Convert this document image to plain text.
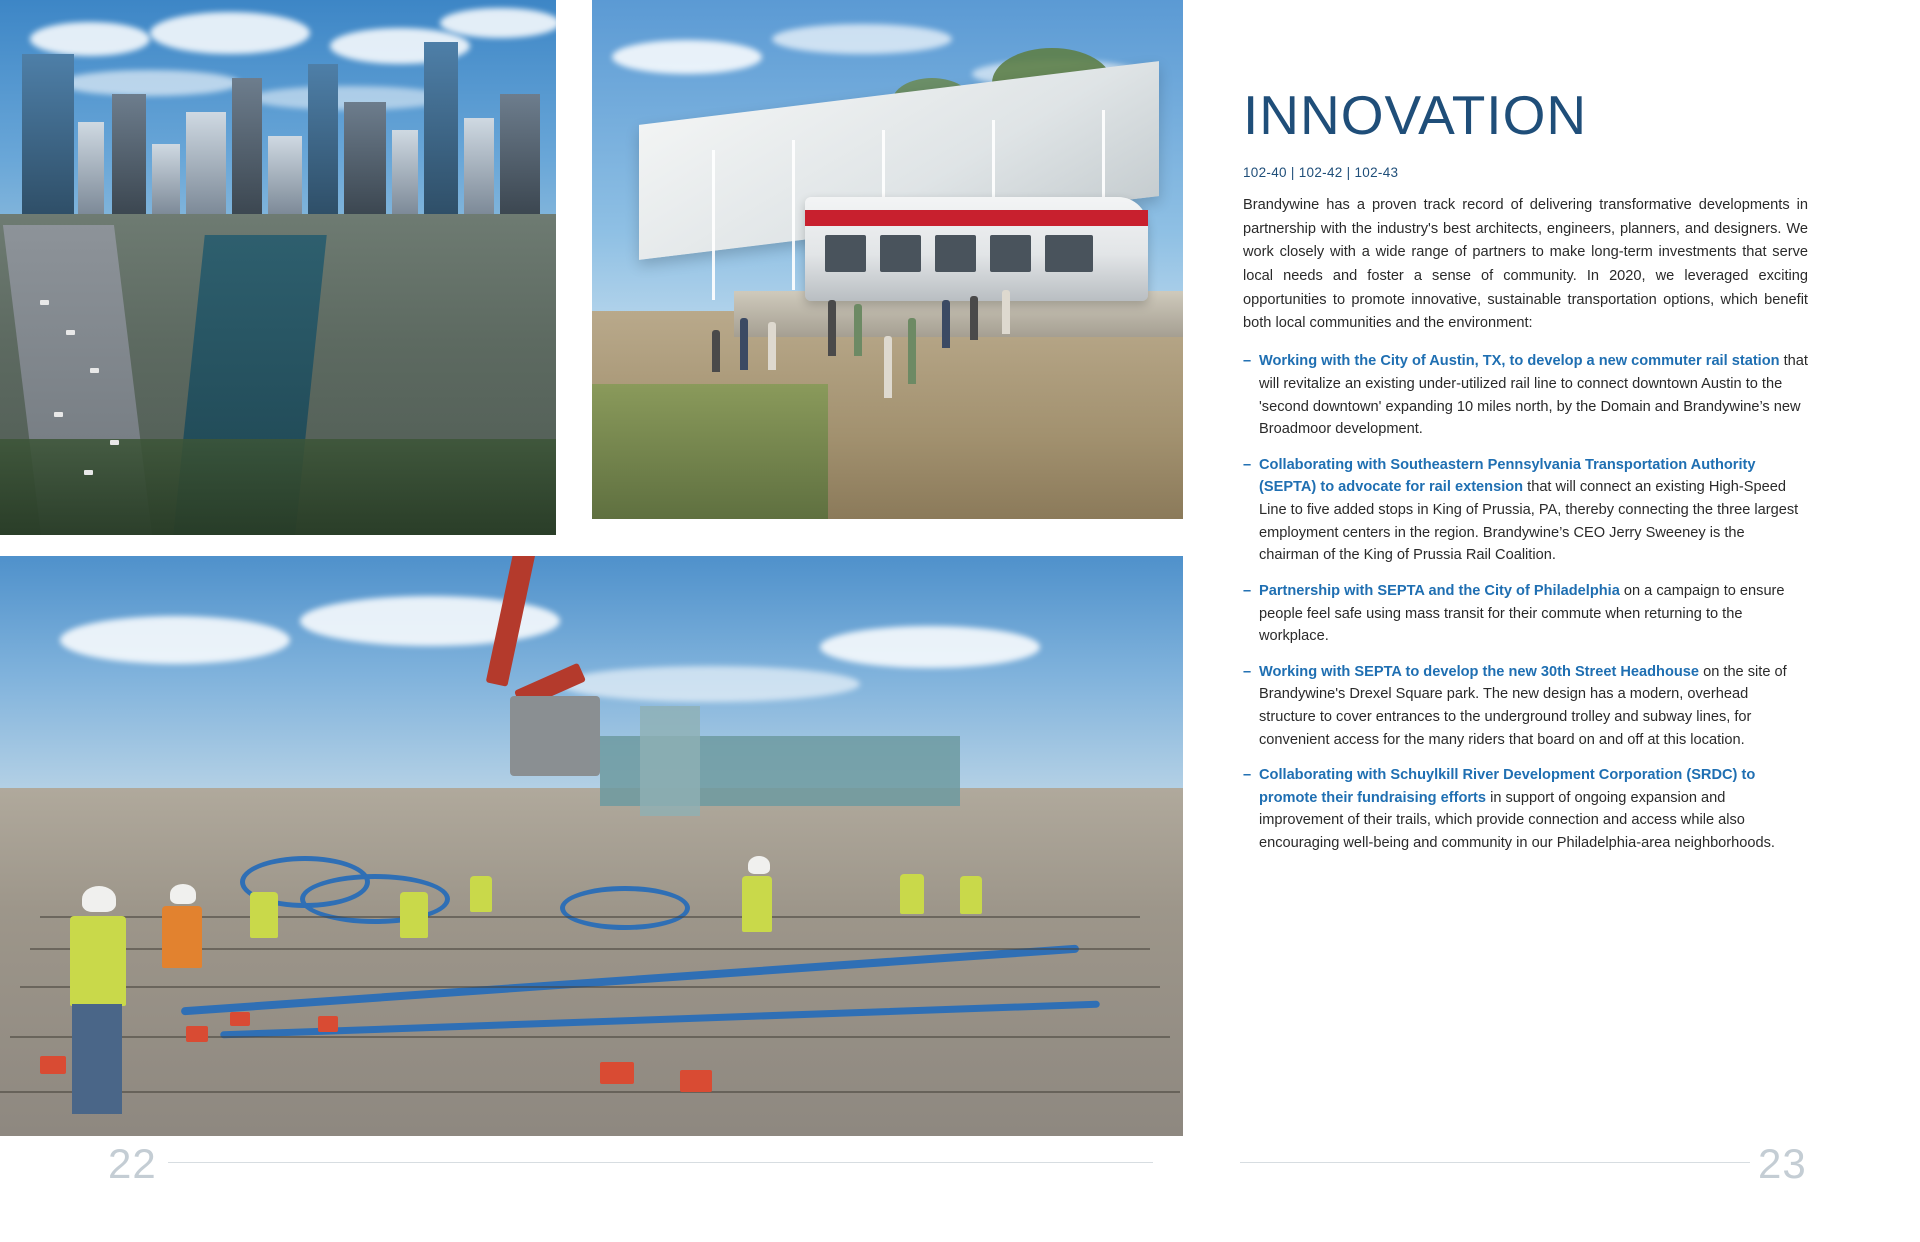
INNOVATION
102-40 | 102-42 | 102-43

Brandywine has a proven track record of delivering transformative developments in partnership with the industry's best architects, engineers, planners, and designers. We work closely with a wide range of partners to make long-term investments that serve local needs and foster a sense of community. In 2020, we leveraged exciting opportunities to promote innovative, sustainable transportation options, which benefit both local communities and the environment:

– Working with the City of Austin, TX, to develop a new commuter rail station that will revitalize an existing under-utilized rail line to connect downtown Austin to the 'second downtown' expanding 10 miles north, by the Domain and Brandywine’s new Broadmoor development.
– Collaborating with Southeastern Pennsylvania Transportation Authority (SEPTA) to advocate for rail extension that will connect an existing High-Speed Line to five added stops in King of Prussia, PA, thereby connecting the three largest employment centers in the region. Brandywine’s CEO Jerry Sweeney is the chairman of the King of Prussia Rail Coalition.
– Partnership with SEPTA and the City of Philadelphia on a campaign to ensure people feel safe using mass transit for their commute when returning to the workplace.
– Working with SEPTA to develop the new 30th Street Headhouse on the site of Brandywine's Drexel Square park. The new design has a modern, overhead structure to cover entrances to the underground trolley and subway lines, for convenient access for the many riders that board on and off at this location.
– Collaborating with Schuylkill River Development Corporation (SRDC) to promote their fundraising efforts in support of ongoing expansion and improvement of their trails, which provide connection and access while also encouraging well-being and community in our Philadelphia-area neighborhoods.
22	23
